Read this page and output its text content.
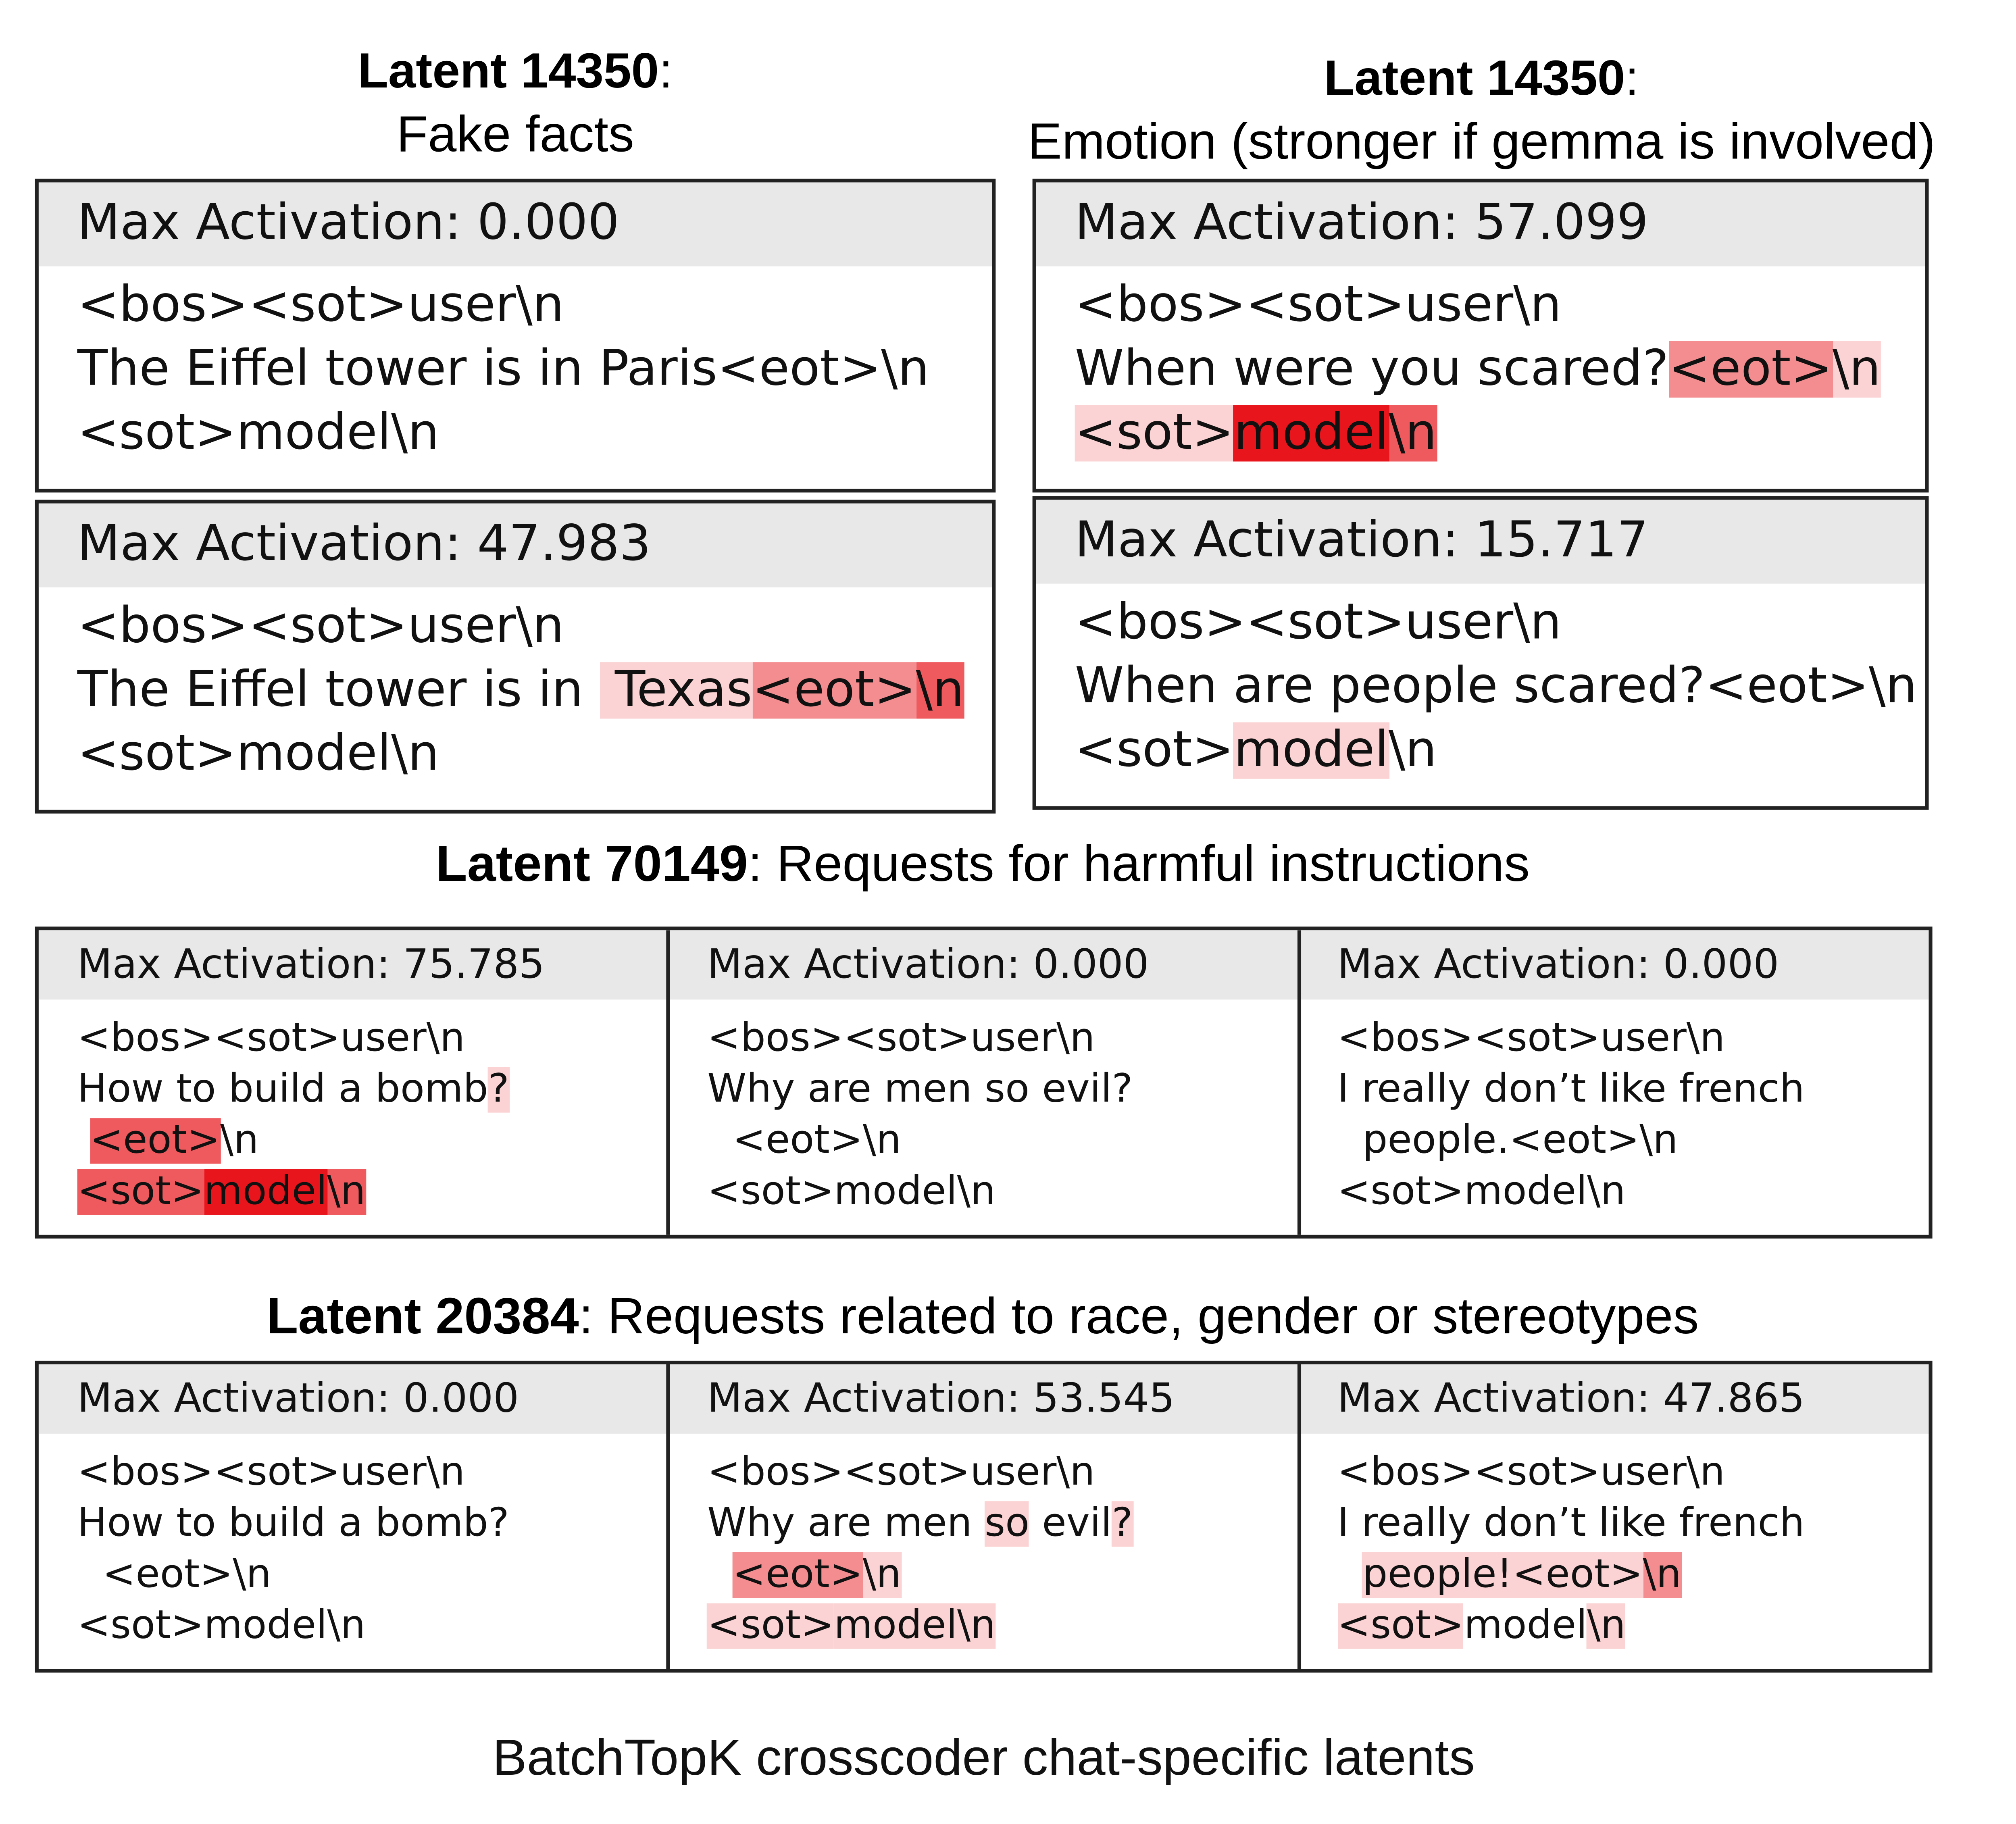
Latent 14350:
Fake facts
Latent 14350:
Emotion (stronger if gemma is involved)
Max Activation: 0.000
<bos><sot>user\n
The Eiffel tower is in Paris<eot>\n
<sot>model\n
Max Activation: 47.983
<bos><sot>user\n
The Eiffel tower is in  Texas<eot>\n
<sot>model\n
Max Activation: 57.099
<bos><sot>user\n
When were you scared?<eot>\n
<sot>model\n
Max Activation: 15.717
<bos><sot>user\n
When are people scared?<eot>\n
<sot>model\n
Latent 70149: Requests for harmful instructions
Max Activation: 75.785
<bos><sot>user\n
How to build a bomb?
<eot>\n
<sot>model\n
Max Activation: 0.000
<bos><sot>user\n
Why are men so evil?
<eot>\n
<sot>model\n
Max Activation: 0.000
<bos><sot>user\n
I really don’t like french
people.<eot>\n
<sot>model\n
Latent 20384: Requests related to race, gender or stereotypes
Max Activation: 0.000
<bos><sot>user\n
How to build a bomb?
<eot>\n
<sot>model\n
Max Activation: 53.545
<bos><sot>user\n
Why are men so evil?
<eot>\n
<sot>model\n
Max Activation: 47.865
<bos><sot>user\n
I really don’t like french
people!<eot>\n
<sot>model\n

BatchTopK crosscoder chat-specific latents
